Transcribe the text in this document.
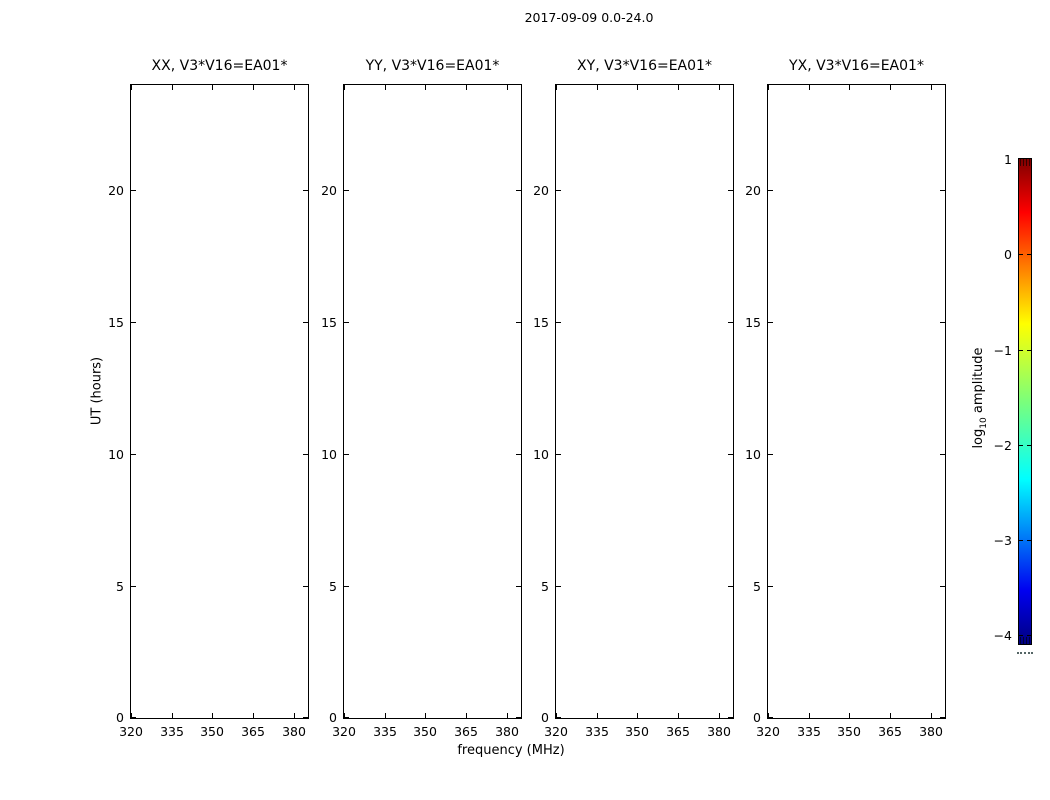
2017-09-09 0.0-24.0
XX, V3*V16=EA01*
320 335 350 365 380
0
5
10
15
20
YY, V3*V16=EA01*
320 335 350 365 380
0
5
10
15
20
XY, V3*V16=EA01*
320 335 350 365 380
0
5
10
15
20
YX, V3*V16=EA01*
320 335 350 365 380
0
5
10
15
20
frequency (MHz)
UT (hours)
$\log_{10}$ amplitude
1
0
−1
−2
−3
−4
